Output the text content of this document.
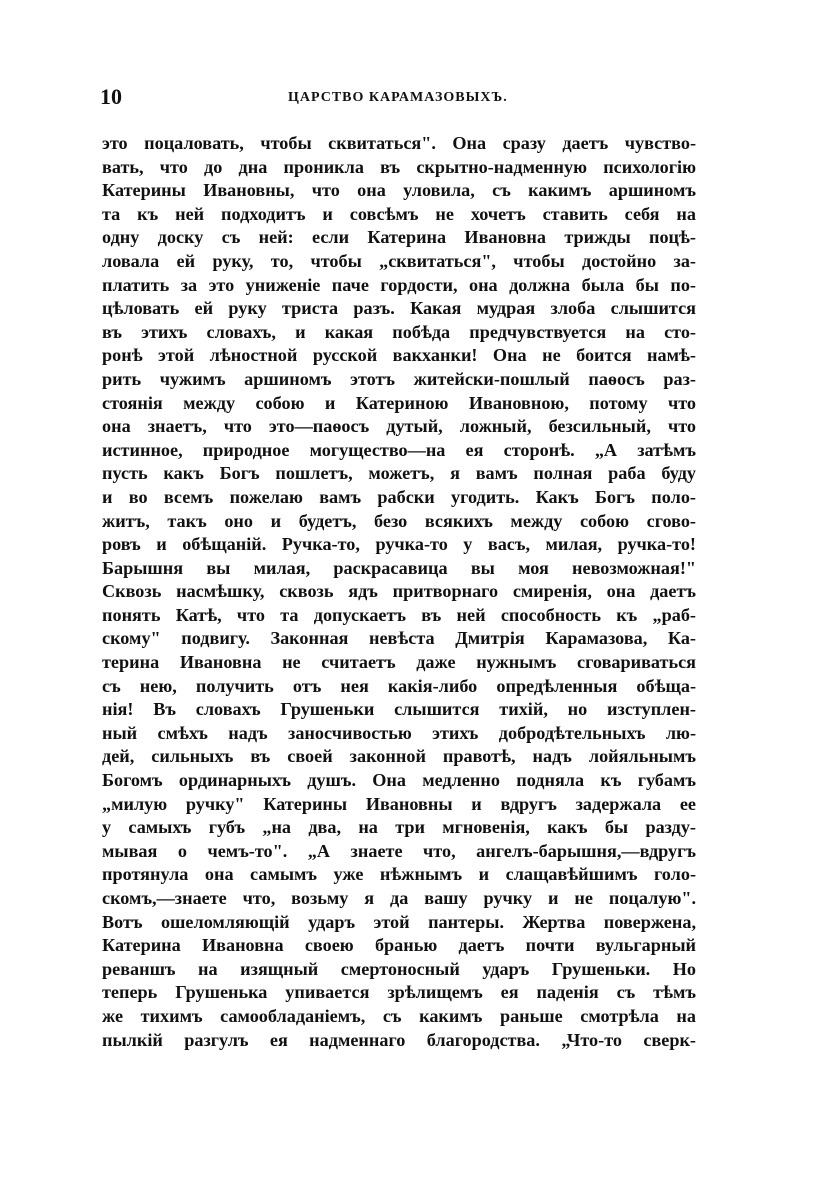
10	ЦАРСТВО КАРАМАЗОВЫХЪ.
это поцаловать, чтобы сквитаться". Она сразу даетъ чувство-
вать, что до дна проникла въ скрытно-надменную психологію
Катерины Ивановны, что она уловила, съ какимъ аршиномъ
та къ ней подходитъ и совсѣмъ не хочетъ ставить себя на
одну доску съ ней: если Катерина Ивановна трижды поцѣ-
ловала ей руку, то, чтобы „сквитаться", чтобы достойно за-
платить за это униженіе паче гордости, она должна была бы по-
цѣловать ей руку триста разъ. Какая мудрая злоба слышится
въ этихъ словахъ, и какая побѣда предчувствуется на сто-
ронѣ этой лѣностной русской вакханки! Она не боится намѣ-
рить чужимъ аршиномъ этотъ житейски-пошлый паѳосъ раз-
стоянія между собою и Катериною Ивановною, потому что
она знаетъ, что это—паѳосъ дутый, ложный, безсильный, что
истинное, природное могущество—на ея сторонѣ. „А затѣмъ
пусть какъ Богъ пошлетъ, можетъ, я вамъ полная раба буду
и во всемъ пожелаю вамъ рабски угодить. Какъ Богъ поло-
житъ, такъ оно и будетъ, безо всякихъ между собою сгово-
ровъ и обѣщаній. Ручка-то, ручка-то у васъ, милая, ручка-то!
Барышня вы милая, раскрасавица вы моя невозможная!"
Сквозь насмѣшку, сквозь ядъ притворнаго смиренія, она даетъ
понять Катѣ, что та допускаетъ въ ней способность къ „раб-
скому" подвигу. Законная невѣста Дмитрія Карамазова, Ка-
терина Ивановна не считаетъ даже нужнымъ сговариваться
съ нею, получить отъ нея какія-либо опредѣленныя обѣща-
нія! Въ словахъ Грушеньки слышится тихій, но изступлен-
ный смѣхъ надъ заносчивостью этихъ добродѣтельныхъ лю-
дей, сильныхъ въ своей законной правотѣ, надъ лойяльнымъ
Богомъ ординарныхъ душъ. Она медленно подняла къ губамъ
„милую ручку" Катерины Ивановны и вдругъ задержала ее
у самыхъ губъ „на два, на три мгновенія, какъ бы разду-
мывая о чемъ-то". „А знаете что, ангелъ-барышня,—вдругъ
протянула она самымъ уже нѣжнымъ и слащавѣйшимъ голо-
скомъ,—знаете что, возьму я да вашу ручку и не поцалую".
Вотъ ошеломляющій ударъ этой пантеры. Жертва повержена,
Катерина Ивановна своею бранью даетъ почти вульгарный
реваншъ на изящный смертоносный ударъ Грушеньки. Но
теперь Грушенька упивается зрѣлищемъ ея паденія съ тѣмъ
же тихимъ самообладаніемъ, съ какимъ раньше смотрѣла на
пылкій разгулъ ея надменнаго благородства. „Что-то сверк-
